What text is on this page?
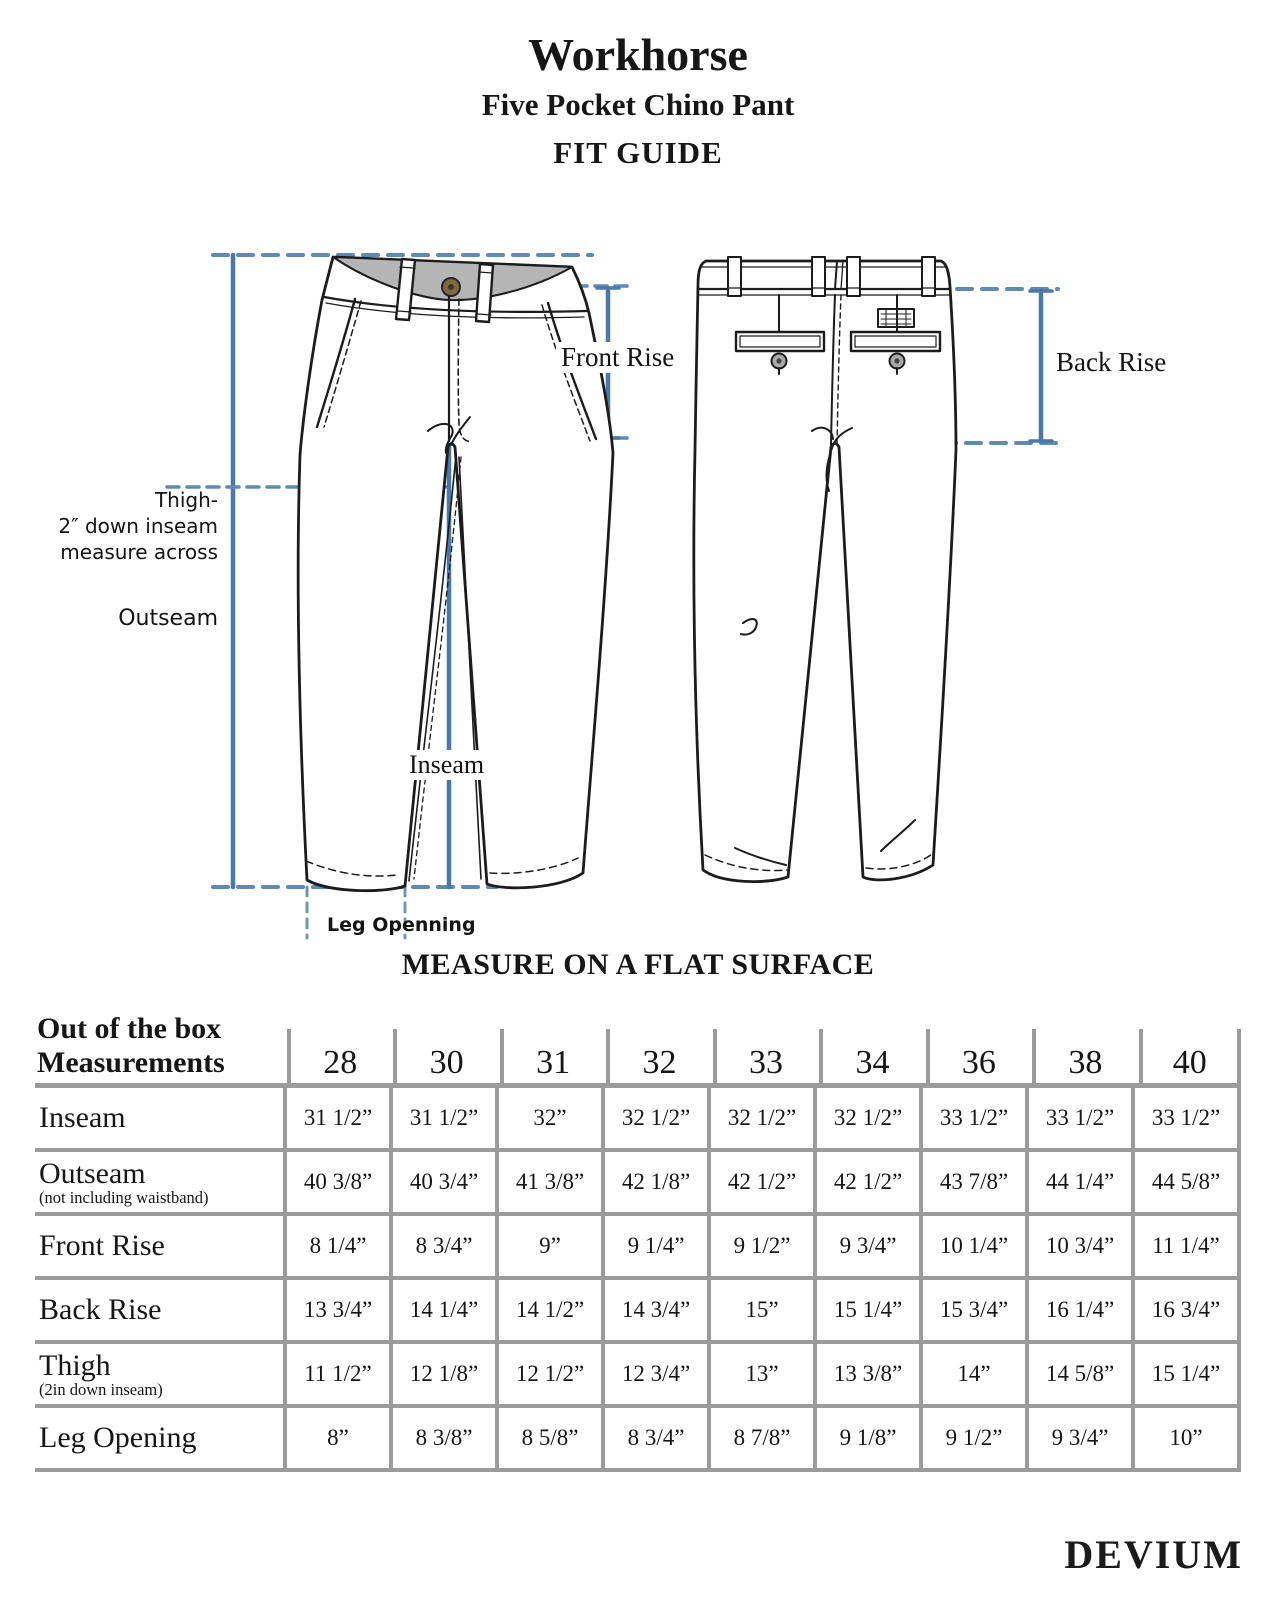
Workhorse
Five Pocket Chino Pant
FIT GUIDE
Front Rise	Back Rise
Thigh-
2″ down inseam
measure across
Outseam
Inseam
Leg Openning
MEASURE ON A FLAT SURFACE
Out of the box
Measurements	28	30	31	32	33	34	36	38	40
Inseam	31 1/2”	31 1/2”	32”	32 1/2”	32 1/2”	32 1/2”	33 1/2”	33 1/2”	33 1/2”
Outseam
(not including waistband)
40 3/8”	40 3/4”	41 3/8”	42 1/8”	42 1/2”	42 1/2”	43 7/8”	44 1/4”	44 5/8”
Front Rise	8 1/4”	8 3/4”	9”	9 1/4”	9 1/2”	9 3/4”	10 1/4”	10 3/4”	11 1/4”
Back Rise	13 3/4”	14 1/4”	14 1/2”	14 3/4”	15”	15 1/4”	15 3/4”	16 1/4”	16 3/4”
Thigh
(2in down inseam)
11 1/2”	12 1/8”	12 1/2”	12 3/4”	13”	13 3/8”	14”	14 5/8”	15 1/4”
Leg Opening	8”	8 3/8”	8 5/8”	8 3/4”	8 7/8”	9 1/8”	9 1/2”	9 3/4”	10”
DEVIUM
